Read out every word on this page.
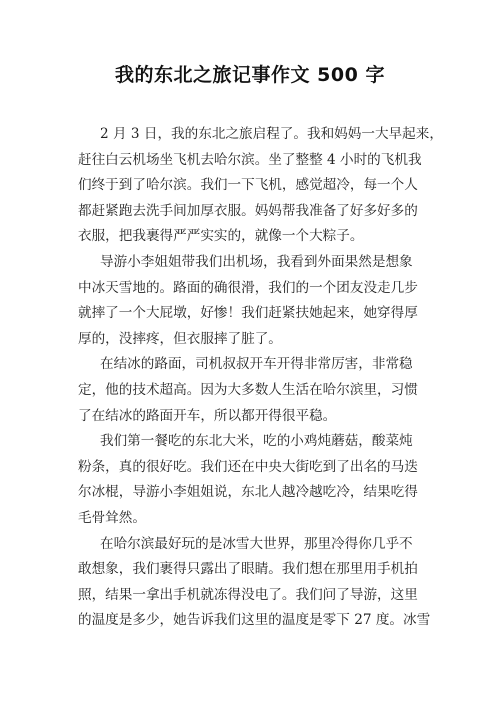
我的东北之旅记事作文 500 字
2 月 3 日，我的东北之旅启程了。我和妈妈一大早起来，
赶往白云机场坐飞机去哈尔滨。坐了整整 4 小时的飞机我
们终于到了哈尔滨。我们一下飞机，感觉超冷，每一个人
都赶紧跑去洗手间加厚衣服。妈妈帮我准备了好多好多的
衣服，把我裹得严严实实的，就像一个大粽子。
导游小李姐姐带我们出机场，我看到外面果然是想象
中冰天雪地的。路面的确很滑，我们的一个团友没走几步
就摔了一个大屁墩，好惨！我们赶紧扶她起来，她穿得厚
厚的，没摔疼，但衣服摔了脏了。
在结冰的路面，司机叔叔开车开得非常厉害，非常稳
定，他的技术超高。因为大多数人生活在哈尔滨里，习惯
了在结冰的路面开车，所以都开得很平稳。
我们第一餐吃的东北大米，吃的小鸡炖蘑菇，酸菜炖
粉条，真的很好吃。我们还在中央大街吃到了出名的马迭
尔冰棍，导游小李姐姐说，东北人越冷越吃冷，结果吃得
毛骨耸然。
在哈尔滨最好玩的是冰雪大世界，那里冷得你几乎不
敢想象，我们裹得只露出了眼睛。我们想在那里用手机拍
照，结果一拿出手机就冻得没电了。我们问了导游，这里
的温度是多少，她告诉我们这里的温度是零下 27 度。冰雪
